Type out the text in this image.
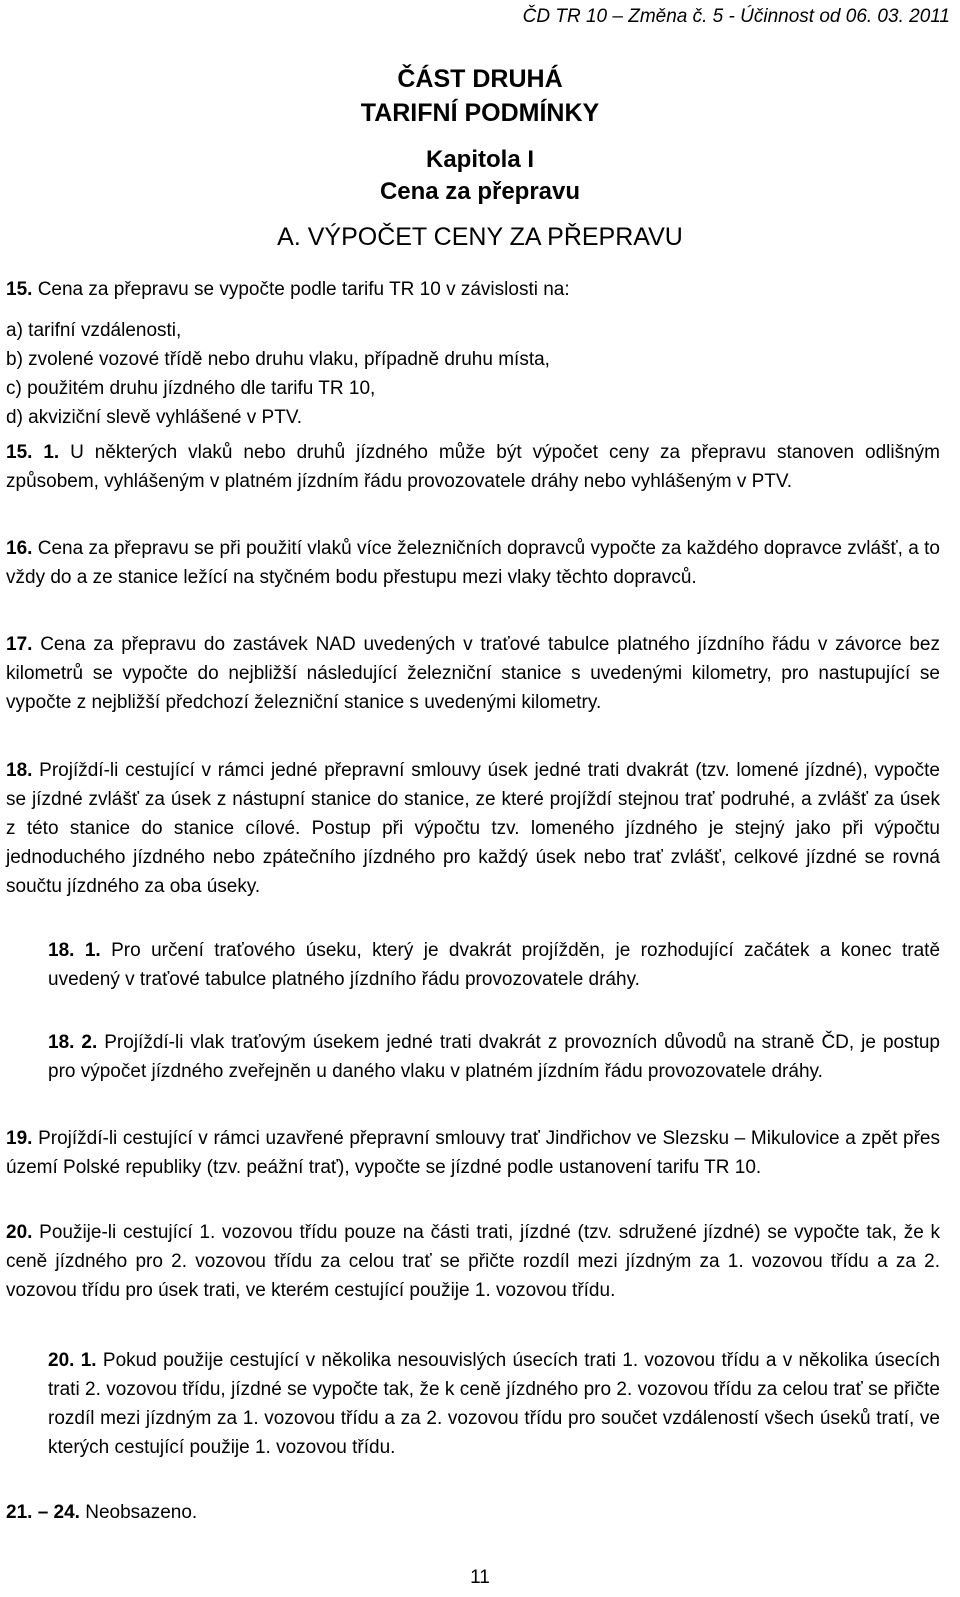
ČD TR 10 – Změna č. 5 - Účinnost od 06. 03. 2011
ČÁST DRUHÁ
TARIFNÍ PODMÍNKY
Kapitola I
Cena za přepravu
A. VÝPOČET CENY ZA PŘEPRAVU

15. Cena za přepravu se vypočte podle tarifu TR 10 v závislosti na:

a) tarifní vzdálenosti,
b) zvolené vozové třídě nebo druhu vlaku, případně druhu místa,
c) použitém druhu jízdného dle tarifu TR 10,
d) akviziční slevě vyhlášené v PTV.

15. 1. U některých vlaků nebo druhů jízdného může být výpočet ceny za přepravu stanoven odlišným způsobem, vyhlášeným v platném jízdním řádu provozovatele dráhy nebo vyhlášeným v PTV.

16. Cena za přepravu se při použití vlaků více železničních dopravců vypočte za každého dopravce zvlášť, a to vždy do a ze stanice ležící na styčném bodu přestupu mezi vlaky těchto dopravců.

17. Cena za přepravu do zastávek NAD uvedených v traťové tabulce platného jízdního řádu v závorce bez kilometrů se vypočte do nejbližší následující železniční stanice s uvedenými kilometry, pro nastupující se vypočte z nejbližší předchozí železniční stanice s uvedenými kilometry.

18. Projíždí-li cestující v rámci jedné přepravní smlouvy úsek jedné trati dvakrát (tzv. lomené jízdné), vypočte se jízdné zvlášť za úsek z nástupní stanice do stanice, ze které projíždí stejnou trať podruhé, a zvlášť za úsek z této stanice do stanice cílové. Postup při výpočtu tzv. lomeného jízdného je stejný jako při výpočtu jednoduchého jízdného nebo zpátečního jízdného pro každý úsek nebo trať zvlášť, celkové jízdné se rovná součtu jízdného za oba úseky.

18. 1. Pro určení traťového úseku, který je dvakrát projížděn, je rozhodující začátek a konec tratě uvedený v traťové tabulce platného jízdního řádu provozovatele dráhy.

18. 2. Projíždí-li vlak traťovým úsekem jedné trati dvakrát z provozních důvodů na straně ČD, je postup pro výpočet jízdného zveřejněn u daného vlaku v platném jízdním řádu provozovatele dráhy.

19. Projíždí-li cestující v rámci uzavřené přepravní smlouvy trať Jindřichov ve Slezsku – Mikulovice a zpět přes území Polské republiky (tzv. peážní trať), vypočte se jízdné podle ustanovení tarifu TR 10.

20. Použije-li cestující 1. vozovou třídu pouze na části trati, jízdné (tzv. sdružené jízdné) se vypočte tak, že k ceně jízdného pro 2. vozovou třídu za celou trať se přičte rozdíl mezi jízdným za 1. vozovou třídu a za 2. vozovou třídu pro úsek trati, ve kterém cestující použije 1. vozovou třídu.

20. 1. Pokud použije cestující v několika nesouvislých úsecích trati 1. vozovou třídu a v několika úsecích trati 2. vozovou třídu, jízdné se vypočte tak, že k ceně jízdného pro 2. vozovou třídu za celou trať se přičte rozdíl mezi jízdným za 1. vozovou třídu a za 2. vozovou třídu pro součet vzdáleností všech úseků tratí, ve kterých cestující použije 1. vozovou třídu.

21. – 24. Neobsazeno.

11
